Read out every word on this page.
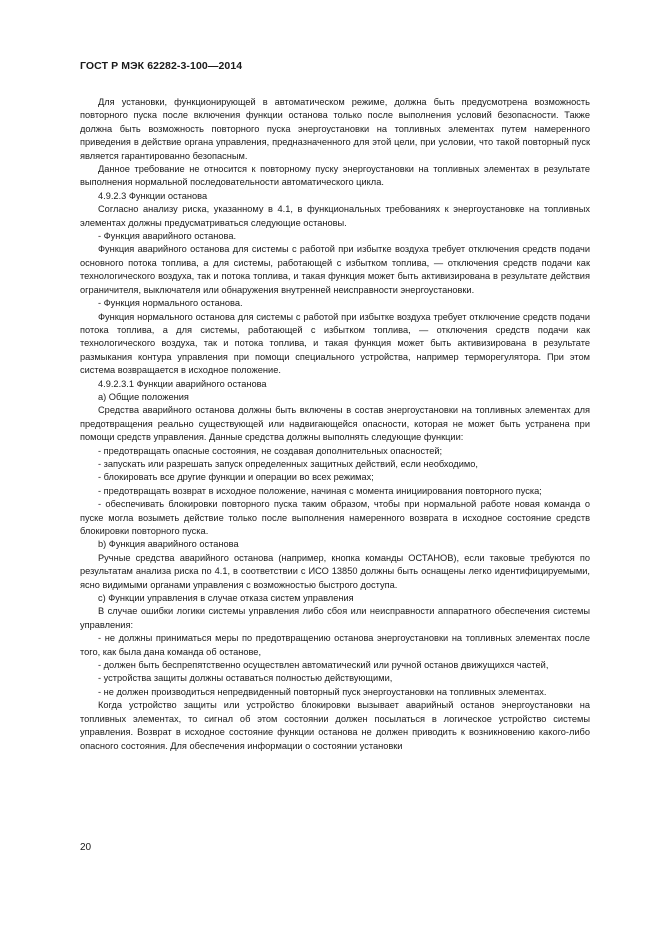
ГОСТ Р МЭК 62282-3-100—2014

Для установки, функционирующей в автоматическом режиме, должна быть предусмотрена возможность повторного пуска после включения функции останова только после выполнения условий безопасности. Также должна быть возможность повторного пуска энергоустановки на топливных элементах путем намеренного приведения в действие органа управления, предназначенного для этой цели, при условии, что такой повторный пуск является гарантированно безопасным.

Данное требование не относится к повторному пуску энергоустановки на топливных элементах в результате выполнения нормальной последовательности автоматического цикла.

4.9.2.3 Функции останова

Согласно анализу риска, указанному в 4.1, в функциональных требованиях к энергоустановке на топливных элементах должны предусматриваться следующие остановы.

- Функция аварийного останова.

Функция аварийного останова для системы с работой при избытке воздуха требует отключения средств подачи основного потока топлива, а для системы, работающей с избытком топлива, — отключения средств подачи как технологического воздуха, так и потока топлива, и такая функция может быть активизирована в результате действия ограничителя, выключателя или обнаружения внутренней неисправности энергоустановки.

- Функция нормального останова.

Функция нормального останова для системы с работой при избытке воздуха требует отключение средств подачи потока топлива, а для системы, работающей с избытком топлива, — отключения средств подачи как технологического воздуха, так и потока топлива, и такая функция может быть активизирована в результате размыкания контура управления при помощи специального устройства, например терморегулятора. При этом система возвращается в исходное положение.

4.9.2.3.1 Функции аварийного останова

а) Общие положения

Средства аварийного останова должны быть включены в состав энергоустановки на топливных элементах для предотвращения реально существующей или надвигающейся опасности, которая не может быть устранена при помощи средств управления. Данные средства должны выполнять следующие функции:

- предотвращать опасные состояния, не создавая дополнительных опасностей;

- запускать или разрешать запуск определенных защитных действий, если необходимо,

- блокировать все другие функции и операции во всех режимах;

- предотвращать возврат в исходное положение, начиная с момента инициирования повторного пуска;

- обеспечивать блокировки повторного пуска таким образом, чтобы при нормальной работе новая команда о пуске могла возыметь действие только после выполнения намеренного возврата в исходное состояние средств блокировки повторного пуска.

b) Функция аварийного останова

Ручные средства аварийного останова (например, кнопка команды ОСТАНОВ), если таковые требуются по результатам анализа риска по 4.1, в соответствии с ИСО 13850 должны быть оснащены легко идентифицируемыми, ясно видимыми органами управления с возможностью быстрого доступа.

с) Функции управления в случае отказа систем управления

В случае ошибки логики системы управления либо сбоя или неисправности аппаратного обеспечения системы управления:

- не должны приниматься меры по предотвращению останова энергоустановки на топливных элементах после того, как была дана команда об останове,

- должен быть беспрепятственно осуществлен автоматический или ручной останов движущихся частей,

- устройства защиты должны оставаться полностью действующими,

- не должен производиться непредвиденный повторный пуск энергоустановки на топливных элементах.

Когда устройство защиты или устройство блокировки вызывает аварийный останов энергоустановки на топливных элементах, то сигнал об этом состоянии должен посылаться в логическое устройство системы управления. Возврат в исходное состояние функции останова не должен приводить к возникновению какого-либо опасного состояния. Для обеспечения информации о состоянии установки

20
